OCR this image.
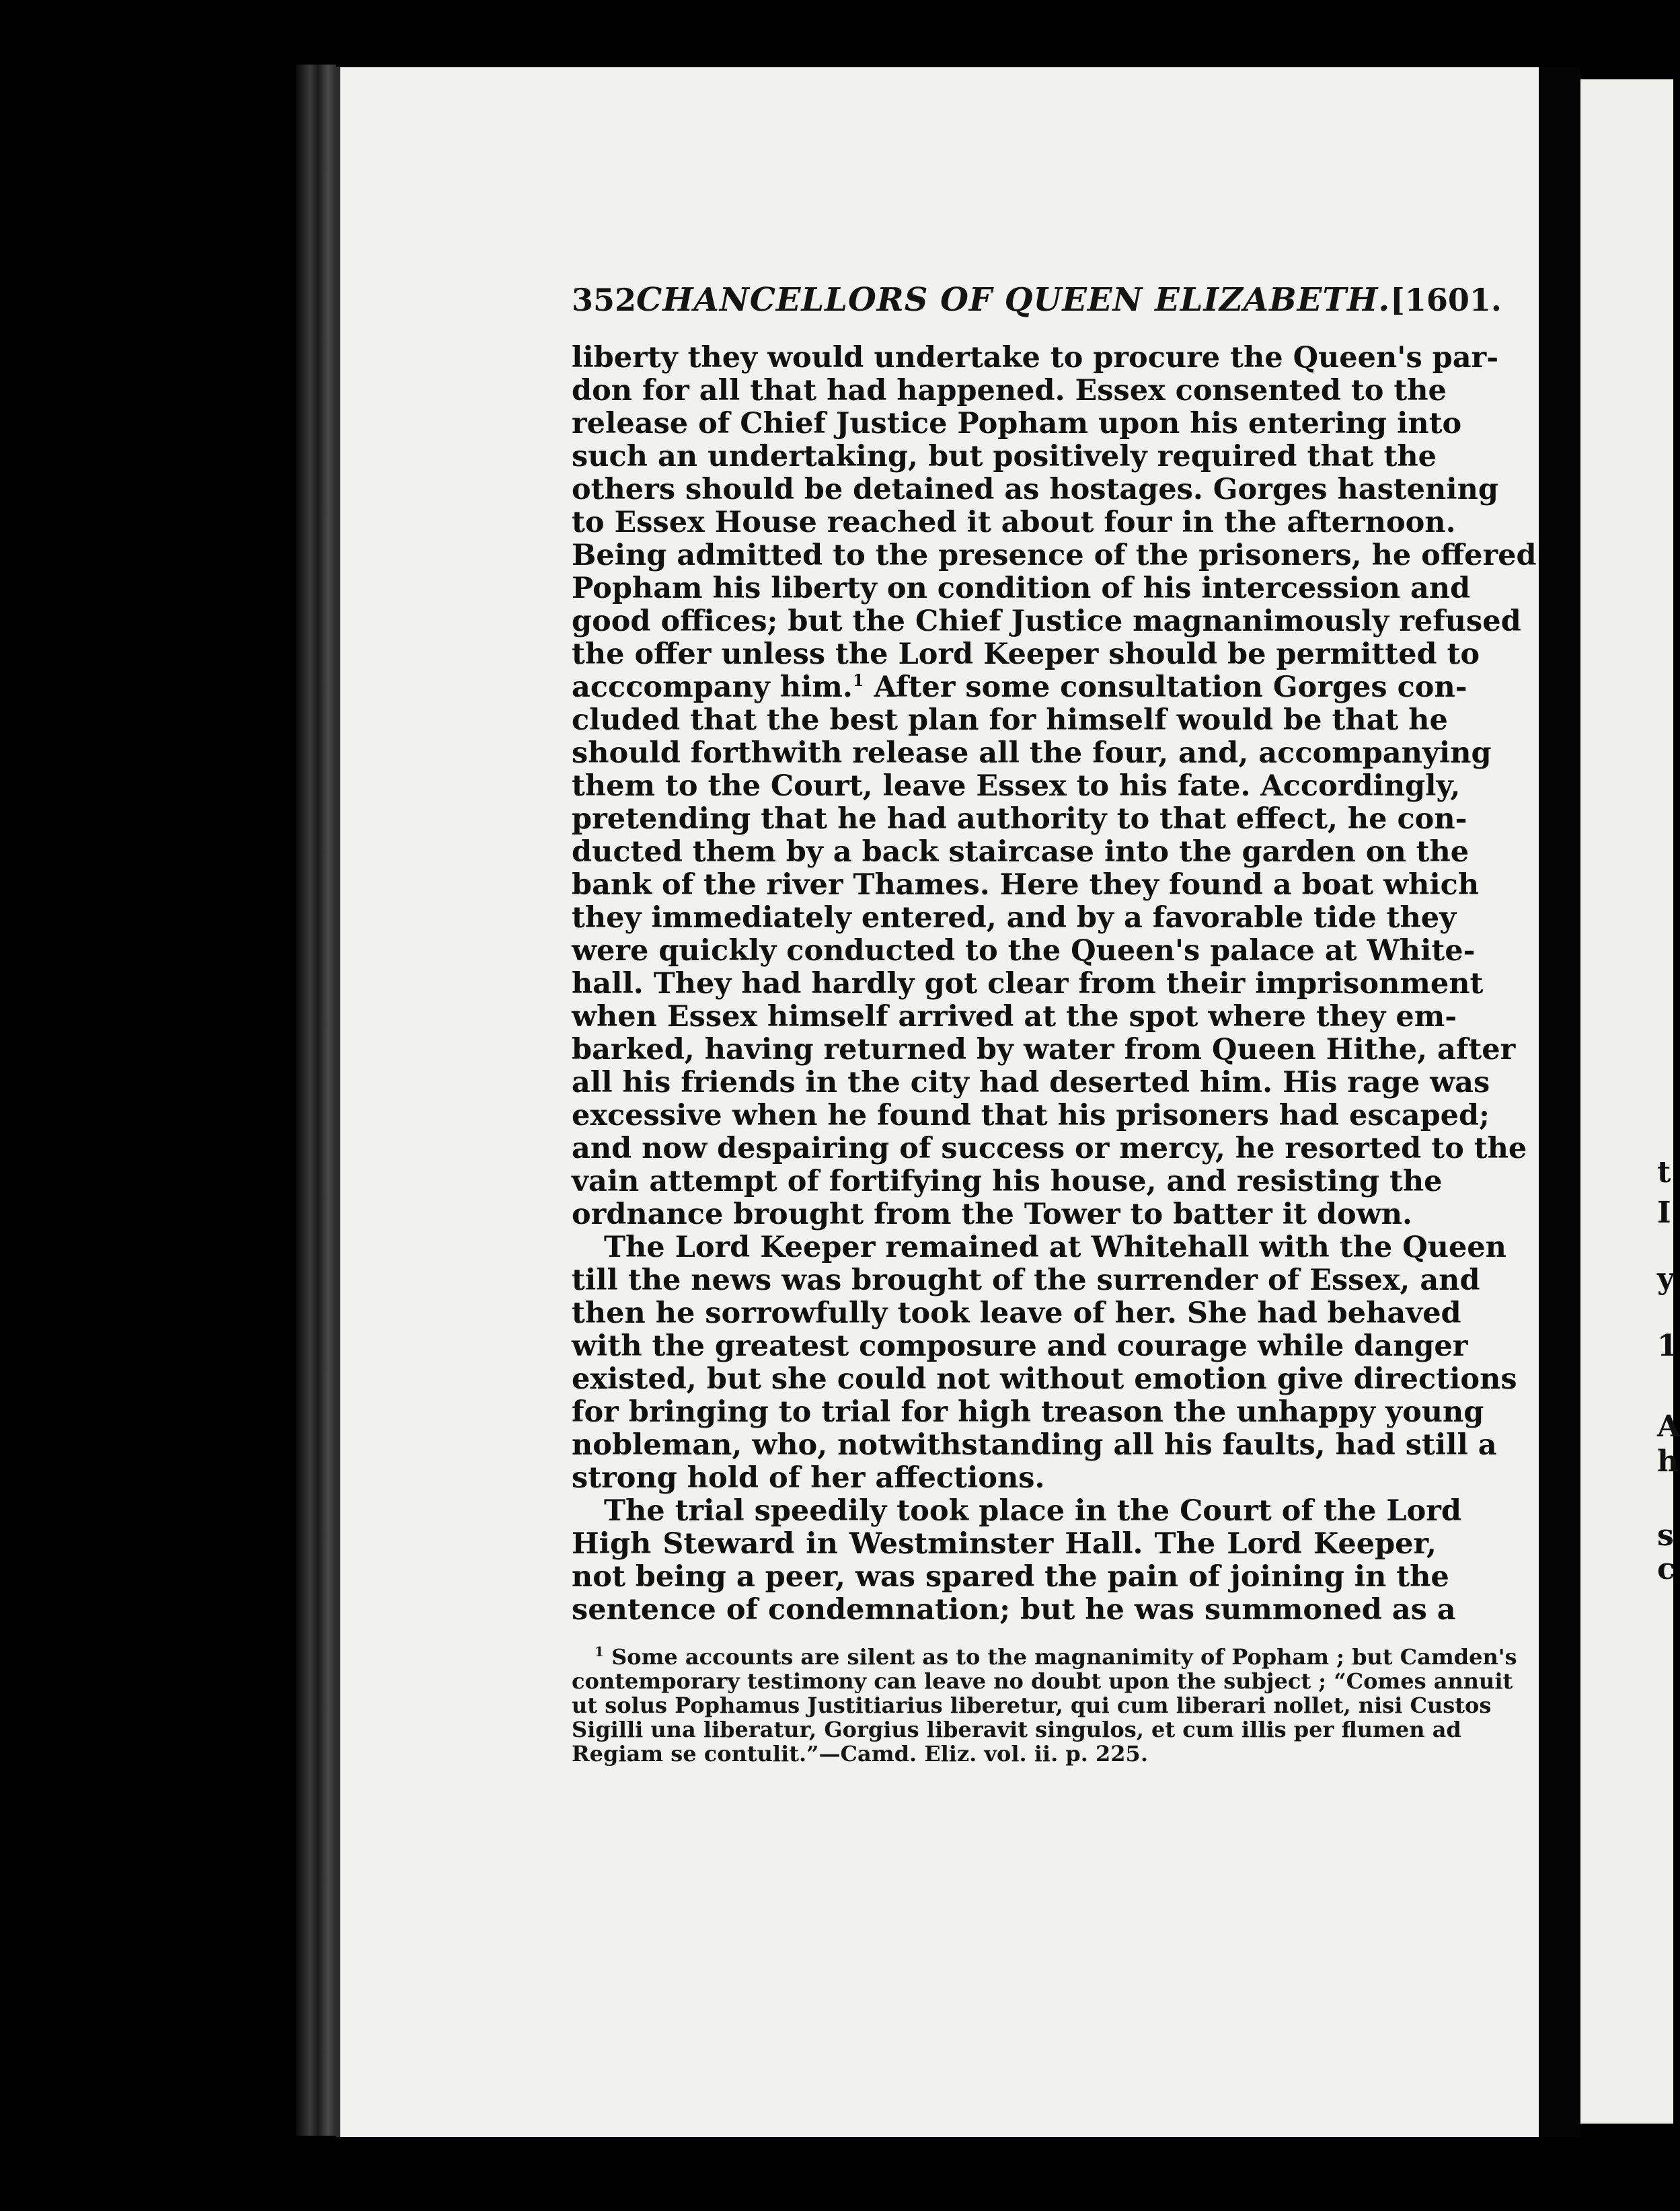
352 CHANCELLORS OF QUEEN ELIZABETH. [1601.
liberty they would undertake to procure the Queen's par-
don for all that had happened. Essex consented to the
release of Chief Justice Popham upon his entering into
such an undertaking, but positively required that the
others should be detained as hostages. Gorges hastening
to Essex House reached it about four in the afternoon.
Being admitted to the presence of the prisoners, he offered
Popham his liberty on condition of his intercession and
good offices; but the Chief Justice magnanimously refused
the offer unless the Lord Keeper should be permitted to
acccompany him.$^1$ After some consultation Gorges con-
cluded that the best plan for himself would be that he
should forthwith release all the four, and, accompanying
them to the Court, leave Essex to his fate. Accordingly,
pretending that he had authority to that effect, he con-
ducted them by a back staircase into the garden on the
bank of the river Thames. Here they found a boat which
they immediately entered, and by a favorable tide they
were quickly conducted to the Queen's palace at White-
hall. They had hardly got clear from their imprisonment
when Essex himself arrived at the spot where they em-
barked, having returned by water from Queen Hithe, after
all his friends in the city had deserted him. His rage was
excessive when he found that his prisoners had escaped;
and now despairing of success or mercy, he resorted to the
vain attempt of fortifying his house, and resisting the
ordnance brought from the Tower to batter it down.
The Lord Keeper remained at Whitehall with the Queen
till the news was brought of the surrender of Essex, and
then he sorrowfully took leave of her. She had behaved
with the greatest composure and courage while danger
existed, but she could not without emotion give directions
for bringing to trial for high treason the unhappy young
nobleman, who, notwithstanding all his faults, had still a
strong hold of her affections.
The trial speedily took place in the Court of the Lord
High Steward in Westminster Hall. The Lord Keeper,
not being a peer, was spared the pain of joining in the
sentence of condemnation; but he was summoned as a
$^1$ Some accounts are silent as to the magnanimity of Popham ; but Camden's
contemporary testimony can leave no doubt upon the subject ; “Comes annuit
ut solus Pophamus Justitiarius liberetur, qui cum liberari nollet, nisi Custos
Sigilli una liberatur, Gorgius liberavit singulos, et cum illis per flumen ad
Regiam se contulit.”—Camd. Eliz. vol. ii. p. 225.
t
I
y
1
A
h
s
c
